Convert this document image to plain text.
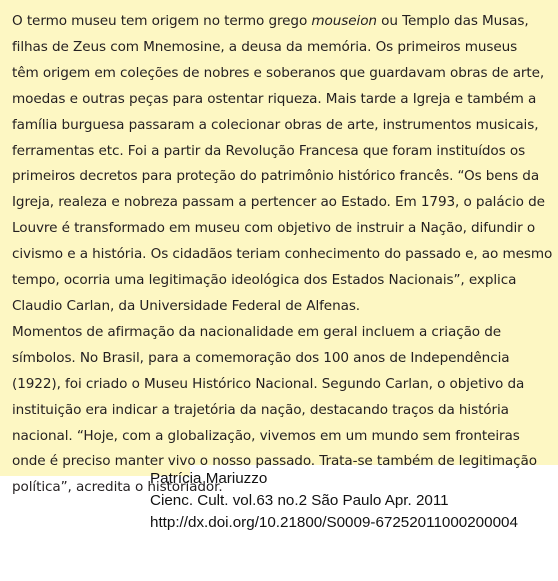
O termo museu tem origem no termo grego mouseion ou Templo das Musas,
filhas de Zeus com Mnemosine, a deusa da memória. Os primeiros museus
têm origem em coleções de nobres e soberanos que guardavam obras de arte,
moedas e outras peças para ostentar riqueza. Mais tarde a Igreja e também a
família burguesa passaram a colecionar obras de arte, instrumentos musicais,
ferramentas etc. Foi a partir da Revolução Francesa que foram instituídos os
primeiros decretos para proteção do patrimônio histórico francês. “Os bens da
Igreja, realeza e nobreza passam a pertencer ao Estado. Em 1793, o palácio de
Louvre é transformado em museu com objetivo de instruir a Nação, difundir o
civismo e a história. Os cidadãos teriam conhecimento do passado e, ao mesmo
tempo, ocorria uma legitimação ideológica dos Estados Nacionais”, explica
Claudio Carlan, da Universidade Federal de Alfenas.
Momentos de afirmação da nacionalidade em geral incluem a criação de
símbolos. No Brasil, para a comemoração dos 100 anos de Independência
(1922), foi criado o Museu Histórico Nacional. Segundo Carlan, o objetivo da
instituição era indicar a trajetória da nação, destacando traços da história
nacional. “Hoje, com a globalização, vivemos em um mundo sem fronteiras
onde é preciso manter vivo o nosso passado. Trata-se também de legitimação
política”, acredita o historiador.
Patrícia Mariuzzo
Cienc. Cult. vol.63 no.2 São Paulo Apr. 2011
http://dx.doi.org/10.21800/S0009-67252011000200004
